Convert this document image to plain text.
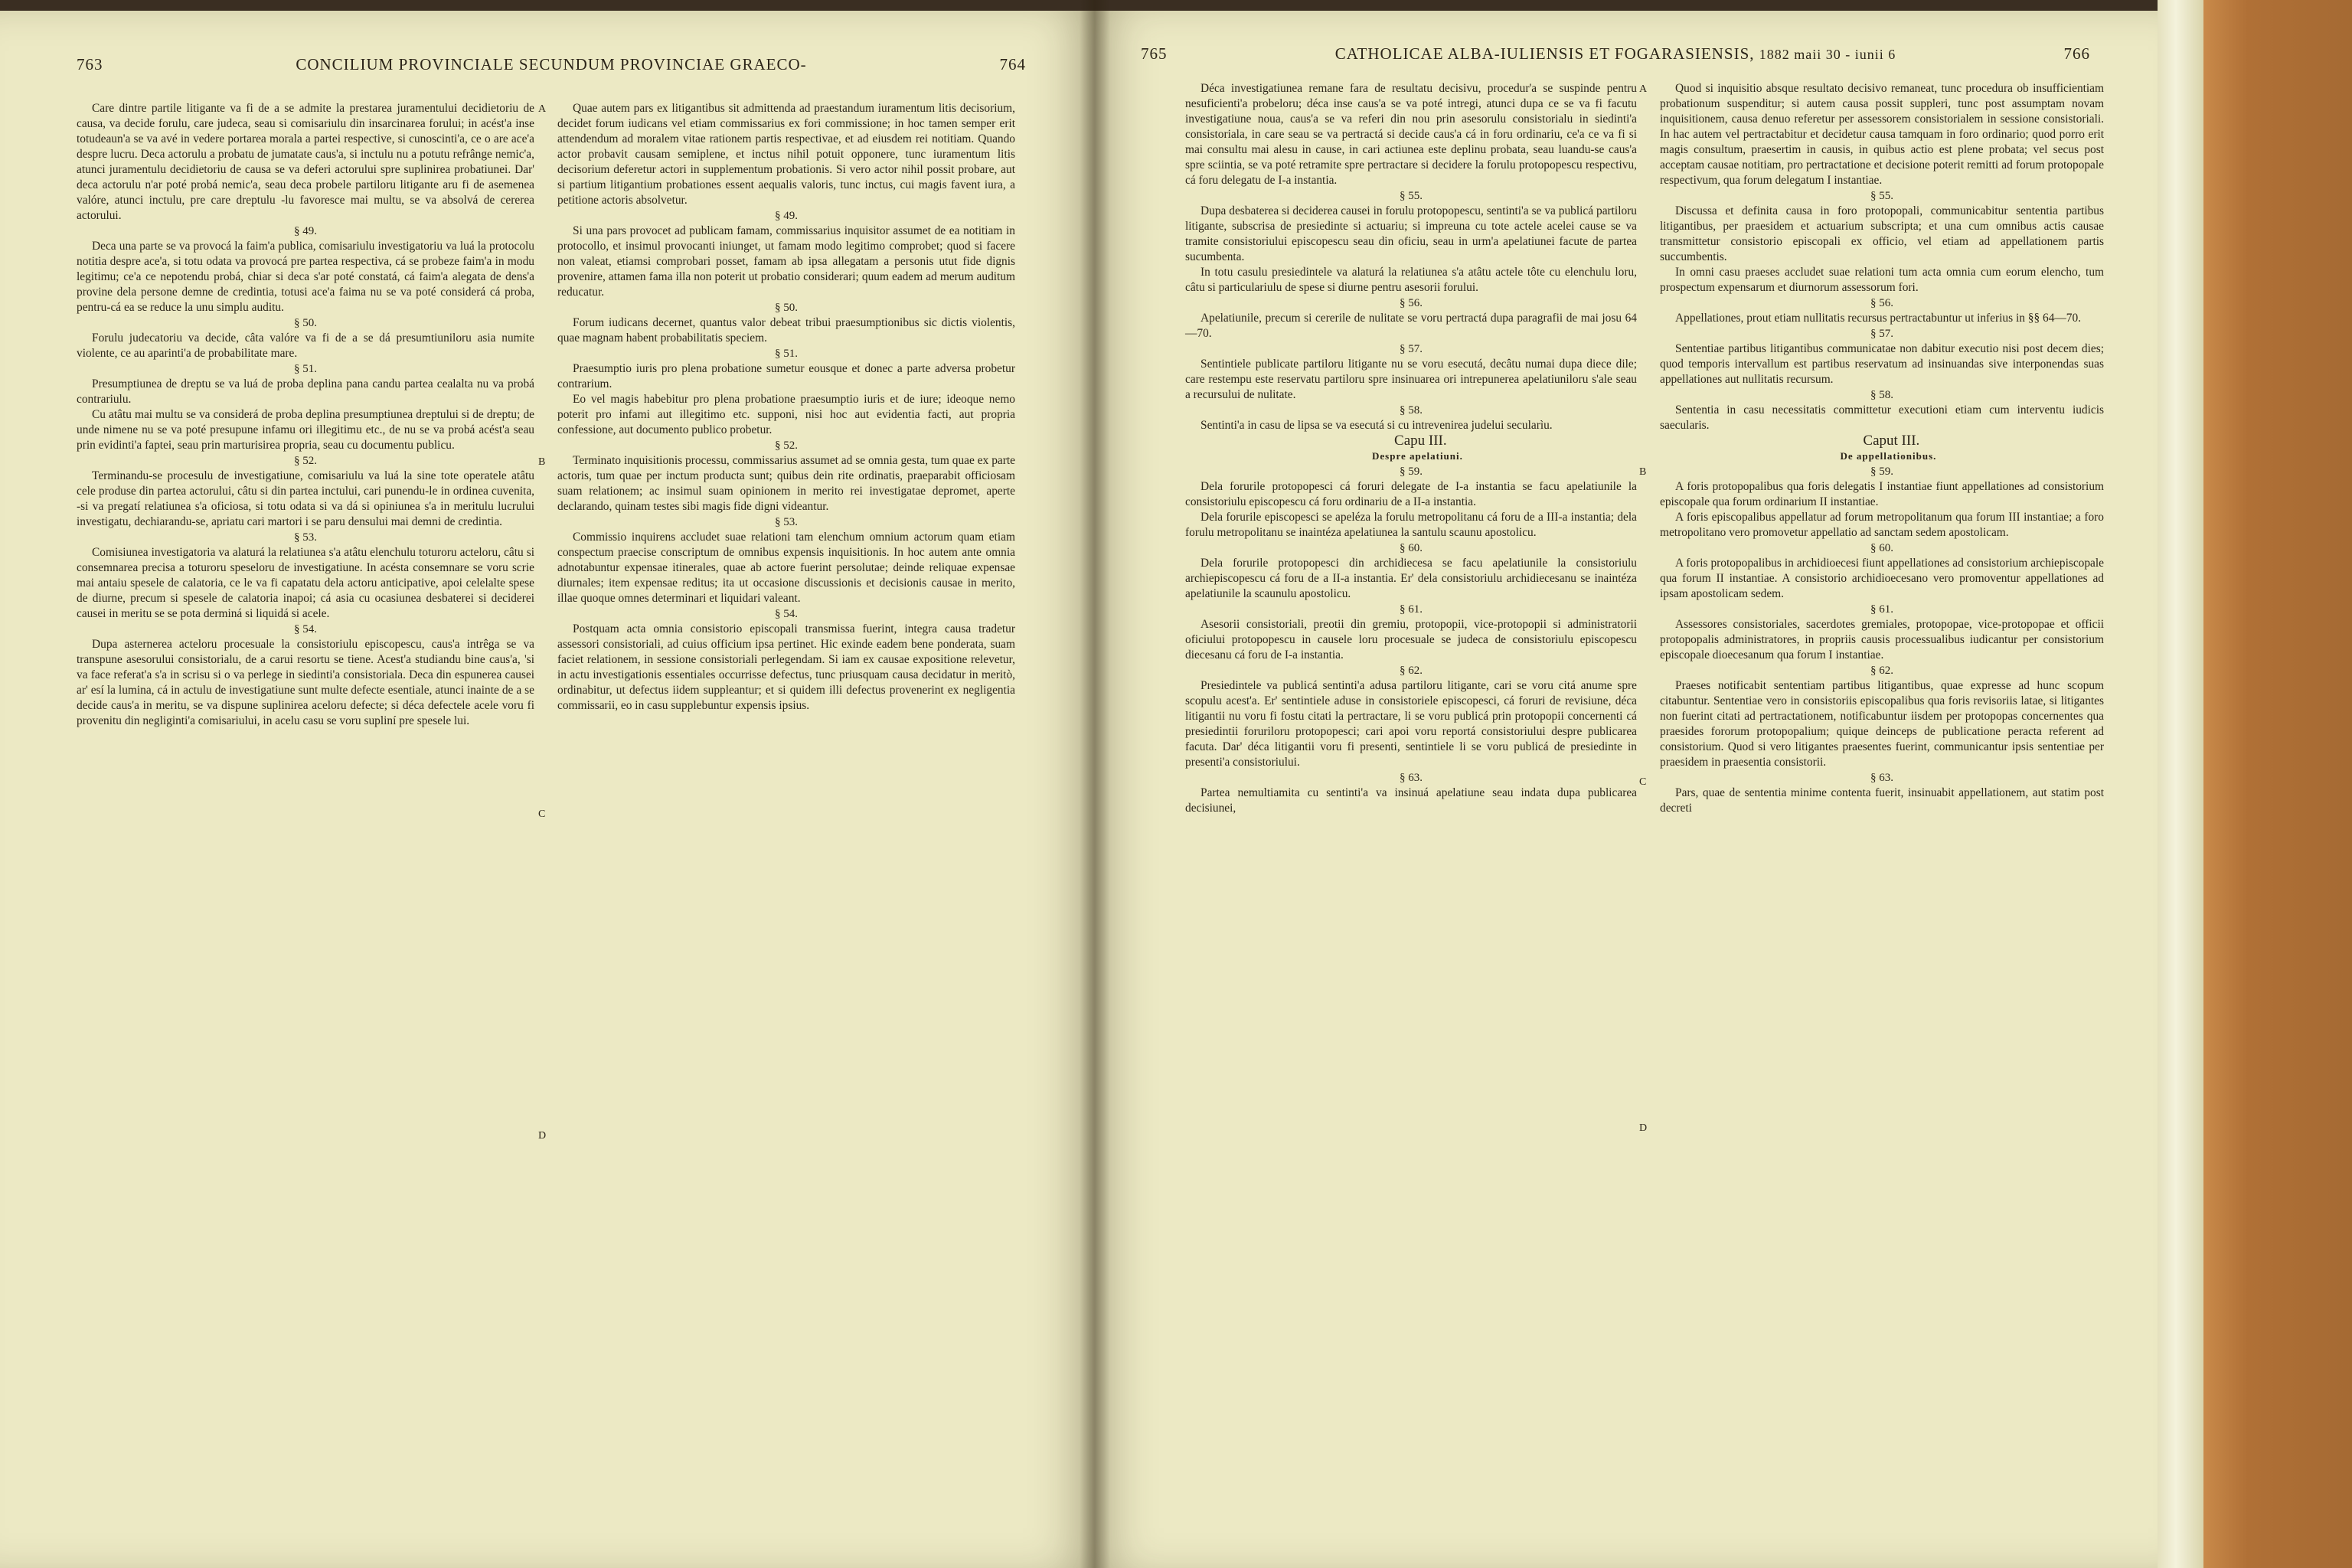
763	CONCILIUM PROVINCIALE SECUNDUM PROVINCIAE GRAECO-	764

Care dintre partile litigante va fi de a se admite la prestarea juramentului decidietoriu de causa, va decide forulu, care judeca, seau si comisariulu din insarcinarea forului; in acést'a inse totudeaun'a se va avé in vedere portarea morala a partei respective, si cunoscinti'a, ce o are ace'a despre lucru. Deca actorulu a probatu de jumatate caus'a, si inctulu nu a potutu refrânge nemic'a, atunci juramentulu decidietoriu de causa se va deferi actorului spre suplinirea probatiunei. Dar' deca actorulu n'ar poté probá nemic'a, seau deca probele partiloru litigante aru fi de asemenea valóre, atunci inctulu, pre care dreptulu -lu favoresce mai multu, se va absolvá de cererea actorului.

§ 49.

Deca una parte se va provocá la faim'a publica, comisariulu investigatoriu va luá la protocolu notitia despre ace'a, si totu odata va provocá pre partea respectiva, cá se probeze faim'a in modu legitimu; ce'a ce nepotendu probá, chiar si deca s'ar poté constatá, cá faim'a alegata de dens'a provine dela persone demne de credintia, totusi ace'a faima nu se va poté considerá cá proba, pentru-cá ea se reduce la unu simplu auditu.

§ 50.

Forulu judecatoriu va decide, câta valóre va fi de a se dá presumtiuniloru asia numite violente, ce au aparinti'a de probabilitate mare.

§ 51.

Presumptiunea de dreptu se va luá de proba deplina pana candu partea cealalta nu va probá contrariulu.

Cu atâtu mai multu se va considerá de proba deplina presumptiunea dreptului si de dreptu; de unde nimene nu se va poté presupune infamu ori illegitimu etc., de nu se va probá acést'a seau prin evidinti'a faptei, seau prin marturisirea propria, seau cu documentu publicu.

§ 52.

Terminandu-se procesulu de investigatiune, comisariulu va luá la sine tote operatele atâtu cele produse din partea actorului, câtu si din partea inctului, cari punendu-le in ordinea cuvenita, -si va pregatí relatiunea s'a oficiosa, si totu odata si va dá si opiniunea s'a in meritulu lucrului investigatu, dechiarandu-se, apriatu cari martori i se paru densului mai demni de credintia.

§ 53.

Comisiunea investigatoria va alaturá la relatiunea s'a atâtu elenchulu toturoru acteloru, câtu si consemnarea precisa a toturoru speseloru de investigatiune. In acésta consemnare se voru scrie mai antaiu spesele de calatoria, ce le va fi capatatu dela actoru anticipative, apoi celelalte spese de diurne, precum si spesele de calatoria inapoi; cá asia cu ocasiunea desbaterei si deciderei causei in meritu se se pota derminá si liquidá si acele.

§ 54.

Dupa asternerea acteloru procesuale la consistoriulu episcopescu, caus'a intrêga se va transpune asesorului consistorialu, de a carui resortu se tiene. Acest'a studiandu bine caus'a, 'si va face referat'a s'a in scrisu si o va perlege in siedinti'a consistoriala. Deca din espunerea causei ar' esí la lumina, cá in actulu de investigatiune sunt multe defecte esentiale, atunci inainte de a se decide caus'a in meritu, se va dispune suplinirea aceloru defecte; si déca defectele acele voru fi provenitu din negliginti'a comisariului, in acelu casu se voru supliní pre spesele lui.

Quae autem pars ex litigantibus sit admittenda ad praestandum iuramentum litis decisorium, decidet forum iudicans vel etiam commissarius ex fori commissione; in hoc tamen semper erit attendendum ad moralem vitae rationem partis respectivae, et ad eiusdem rei notitiam. Quando actor probavit causam semiplene, et inctus nihil potuit opponere, tunc iuramentum litis decisorium deferetur actori in supplementum probationis. Si vero actor nihil possit probare, aut si partium litigantium probationes essent aequalis valoris, tunc inctus, cui magis favent iura, a petitione actoris absolvetur.

§ 49.

Si una pars provocet ad publicam famam, commissarius inquisitor assumet de ea notitiam in protocollo, et insimul provocanti iniunget, ut famam modo legitimo comprobet; quod si facere non valeat, etiamsi comprobari posset, famam ab ipsa allegatam a personis utut fide dignis provenire, attamen fama illa non poterit ut probatio considerari; quum eadem ad merum auditum reducatur.

§ 50.

Forum iudicans decernet, quantus valor debeat tribui praesumptionibus sic dictis violentis, quae magnam habent probabilitatis speciem.

§ 51.

Praesumptio iuris pro plena probatione sumetur eousque et donec a parte adversa probetur contrarium.

Eo vel magis habebitur pro plena probatione praesumptio iuris et de iure; ideoque nemo poterit pro infami aut illegitimo etc. supponi, nisi hoc aut evidentia facti, aut propria confessione, aut documento publico probetur.

§ 52.

Terminato inquisitionis processu, commissarius assumet ad se omnia gesta, tum quae ex parte actoris, tum quae per inctum producta sunt; quibus dein rite ordinatis, praeparabit officiosam suam relationem; ac insimul suam opinionem in merito rei investigatae depromet, aperte declarando, quinam testes sibi magis fide digni videantur.

§ 53.

Commissio inquirens accludet suae relationi tam elenchum omnium actorum quam etiam conspectum praecise conscriptum de omnibus expensis inquisitionis. In hoc autem ante omnia adnotabuntur expensae itinerales, quae ab actore fuerint persolutae; deinde reliquae expensae diurnales; item expensae reditus; ita ut occasione discussionis et decisionis causae in merito, illae quoque omnes determinari et liquidari valeant.

§ 54.

Postquam acta omnia consistorio episcopali transmissa fuerint, integra causa tradetur assessori consistoriali, ad cuius officium ipsa pertinet. Hic exinde eadem bene ponderata, suam faciet relationem, in sessione consistoriali perlegendam. Si iam ex causae expositione relevetur, in actu investigationis essentiales occurrisse defectus, tunc priusquam causa decidatur in meritò, ordinabitur, ut defectus iidem suppleantur; et si quidem illi defectus provenerint ex negligentia commissarii, eo in casu supplebuntur expensis ipsius.

A
B
C
D
765	CATHOLICAE ALBA-IULIENSIS ET FOGARASIENSIS, 1882 maii 30 - iunii 6	766

Déca investigatiunea remane fara de resultatu decisivu, procedur'a se suspinde pentru nesuficienti'a probeloru; déca inse caus'a se va poté intregi, atunci dupa ce se va fi facutu investigatiune noua, caus'a se va referi din nou prin asesorulu consistorialu in siedinti'a consistoriala, in care seau se va pertractá si decide caus'a cá in foru ordinariu, ce'a ce va fi si mai consultu mai alesu in cause, in cari actiunea este deplinu probata, seau luandu-se caus'a spre sciintia, se va poté retramite spre pertractare si decidere la forulu protopopescu respectivu, cá foru delegatu de I-a instantia.

§ 55.

Dupa desbaterea si deciderea causei in forulu protopopescu, sentinti'a se va publicá partiloru litigante, subscrisa de presiedinte si actuariu; si impreuna cu tote actele acelei cause se va tramite consistoriului episcopescu seau din oficiu, seau in urm'a apelatiunei facute de partea sucumbenta.

In totu casulu presiedintele va alaturá la relatiunea s'a atâtu actele tôte cu elenchulu loru, câtu si particulariulu de spese si diurne pentru asesorii forului.

§ 56.

Apelatiunile, precum si cererile de nulitate se voru pertractá dupa paragrafii de mai josu 64—70.

§ 57.

Sentintiele publicate partiloru litigante nu se voru esecutá, decâtu numai dupa diece dile; care restempu este reservatu partiloru spre insinuarea ori intrepunerea apelatiuniloru s'ale seau a recursului de nulitate.

§ 58.

Sentinti'a in casu de lipsa se va esecutá si cu intrevenirea judelui secularìu.

Capu III.

Despre apelatiuni.

§ 59.

Dela forurile protopopesci cá foruri delegate de I-a instantia se facu apelatiunile la consistoriulu episcopescu cá foru ordinariu de a II-a instantia.

Dela forurile episcopesci se apeléza la forulu metropolitanu cá foru de a III-a instantia; dela forulu metropolitanu se inaintéza apelatiunea la santulu scaunu apostolicu.

§ 60.

Dela forurile protopopesci din archidiecesa se facu apelatiunile la consistoriulu archiepiscopescu cá foru de a II-a instantia. Er' dela consistoriulu archidiecesanu se inaintéza apelatiunile la scaunulu apostolicu.

§ 61.

Asesorii consistoriali, preotii din gremiu, protopopii, vice-protopopii si administratorii oficiului protopopescu in causele loru procesuale se judeca de consistoriulu episcopescu diecesanu cá foru de I-a instantia.

§ 62.

Presiedintele va publicá sentinti'a adusa partiloru litigante, cari se voru citá anume spre scopulu acest'a. Er' sentintiele aduse in consistoriele episcopesci, cá foruri de revisiune, déca litigantii nu voru fi fostu citati la pertractare, li se voru publicá prin protopopii concernenti cá presiedintii foruriloru protopopesci; cari apoi voru reportá consistoriului despre publicarea facuta. Dar' déca litigantii voru fi presenti, sentintiele li se voru publicá de presiedinte in presenti'a consistoriului.

§ 63.

Partea nemultiamita cu sentinti'a va insinuá apelatiune seau indata dupa publicarea decisiunei,

Quod si inquisitio absque resultato decisivo remaneat, tunc procedura ob insufficientiam probationum suspenditur; si autem causa possit suppleri, tunc post assumptam novam inquisitionem, causa denuo referetur per assessorem consistorialem in sessione consistoriali. In hac autem vel pertractabitur et decidetur causa tamquam in foro ordinario; quod porro erit magis consultum, praesertim in causis, in quibus actio est plene probata; vel secus post acceptam causae notitiam, pro pertractatione et decisione poterit remitti ad forum protopopale respectivum, qua forum delegatum I instantiae.

§ 55.

Discussa et definita causa in foro protopopali, communicabitur sententia partibus litigantibus, per praesidem et actuarium subscripta; et una cum omnibus actis causae transmittetur consistorio episcopali ex officio, vel etiam ad appellationem partis succumbentis.

In omni casu praeses accludet suae relationi tum acta omnia cum eorum elencho, tum prospectum expensarum et diurnorum assessorum fori.

§ 56.

Appellationes, prout etiam nullitatis recursus pertractabuntur ut inferius in §§ 64—70.

§ 57.

Sententiae partibus litigantibus communicatae non dabitur executio nisi post decem dies; quod temporis intervallum est partibus reservatum ad insinuandas sive interponendas suas appellationes aut nullitatis recursum.

§ 58.

Sententia in casu necessitatis committetur executioni etiam cum interventu iudicis saecularis.

Caput III.

De appellationibus.

§ 59.

A foris protopopalibus qua foris delegatis I instantiae fiunt appellationes ad consistorium episcopale qua forum ordinarium II instantiae.

A foris episcopalibus appellatur ad forum metropolitanum qua forum III instantiae; a foro metropolitano vero promovetur appellatio ad sanctam sedem apostolicam.

§ 60.

A foris protopopalibus in archidioecesi fiunt appellationes ad consistorium archiepiscopale qua forum II instantiae. A consistorio archidioecesano vero promoventur appellationes ad ipsam apostolicam sedem.

§ 61.

Assessores consistoriales, sacerdotes gremiales, protopopae, vice-protopopae et officii protopopalis administratores, in propriis causis processualibus iudicantur per consistorium episcopale dioecesanum qua forum I instantiae.

§ 62.

Praeses notificabit sententiam partibus litigantibus, quae expresse ad hunc scopum citabuntur. Sententiae vero in consistoriis episcopalibus qua foris revisoriis latae, si litigantes non fuerint citati ad pertractationem, notificabuntur iisdem per protopopas concernentes qua praesides fororum protopopalium; quique deinceps de publicatione peracta referent ad consistorium. Quod si vero litigantes praesentes fuerint, communicantur ipsis sententiae per praesidem in praesentia consistorii.

§ 63.

Pars, quae de sententia minime contenta fuerit, insinuabit appellationem, aut statim post decreti

A
B
C
D
